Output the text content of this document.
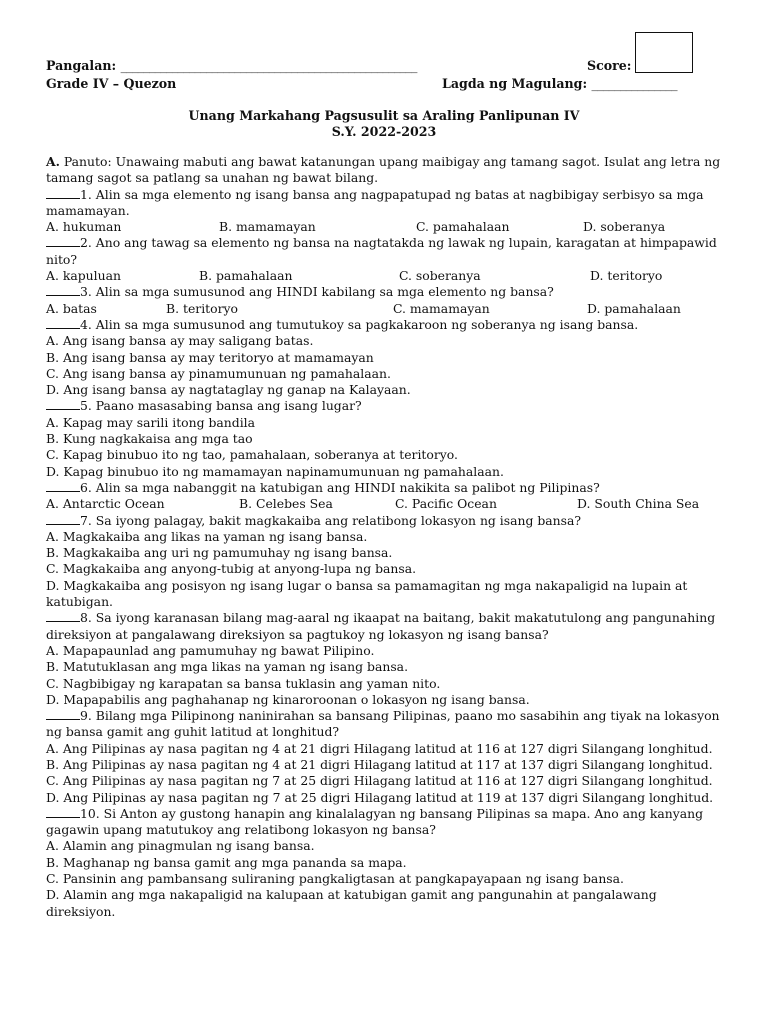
Pangalan: ____________________________________________________	Score:
Grade IV – Quezon	Lagda ng Magulang: _______________
Unang Markahang Pagsusulit sa Araling Panlipunan IV
S.Y. 2022-2023
A. Panuto: Unawaing mabuti ang bawat katanungan upang maibigay ang tamang sagot. Isulat ang letra ng tamang sagot sa patlang sa unahan ng bawat bilang.
1. Alin sa mga elemento ng isang bansa ang nagpapatupad ng batas at nagbibigay serbisyo sa mga mamamayan.
A. hukuman	B. mamamayan	C. pamahalaan	D. soberanya
2. Ano ang tawag sa elemento ng bansa na nagtatakda ng lawak ng lupain, karagatan at himpapawid nito?
A. kapuluan	B. pamahalaan	C. soberanya	D. teritoryo
3. Alin sa mga sumusunod ang HINDI kabilang sa mga elemento ng bansa?
A. batas	B. teritoryo	C. mamamayan	D. pamahalaan
4. Alin sa mga sumusunod ang tumutukoy sa pagkakaroon ng soberanya ng isang bansa.
A. Ang isang bansa ay may saligang batas.
B. Ang isang bansa ay may teritoryo at mamamayan
C. Ang isang bansa ay pinamumunuan ng pamahalaan.
D. Ang isang bansa ay nagtataglay ng ganap na Kalayaan.
5. Paano masasabing bansa ang isang lugar?
A. Kapag may sarili itong bandila
B. Kung nagkakaisa ang mga tao
C. Kapag binubuo ito ng tao, pamahalaan, soberanya at teritoryo.
D. Kapag binubuo ito ng mamamayan napinamumunuan ng pamahalaan.
6. Alin sa mga nabanggit na katubigan ang HINDI nakikita sa palibot ng Pilipinas?
A. Antarctic Ocean	B. Celebes Sea	C. Pacific Ocean	D. South China Sea
7. Sa iyong palagay, bakit magkakaiba ang relatibong lokasyon ng isang bansa?
A. Magkakaiba ang likas na yaman ng isang bansa.
B. Magkakaiba ang uri ng pamumuhay ng isang bansa.
C. Magkakaiba ang anyong-tubig at anyong-lupa ng bansa.
D. Magkakaiba ang posisyon ng isang lugar o bansa sa pamamagitan ng mga nakapaligid na lupain at katubigan.
8. Sa iyong karanasan bilang mag-aaral ng ikaapat na baitang, bakit makatutulong ang pangunahing direksiyon at pangalawang direksiyon sa pagtukoy ng lokasyon ng isang bansa?
A. Mapapaunlad ang pamumuhay ng bawat Pilipino.
B. Matutuklasan ang mga likas na yaman ng isang bansa.
C. Nagbibigay ng karapatan sa bansa tuklasin ang yaman nito.
D. Mapapabilis ang paghahanap ng kinaroroonan o lokasyon ng isang bansa.
9. Bilang mga Pilipinong naninirahan sa bansang Pilipinas, paano mo sasabihin ang tiyak na lokasyon ng bansa gamit ang guhit latitud at longhitud?
A. Ang Pilipinas ay nasa pagitan ng 4 at 21 digri Hilagang latitud at 116 at 127 digri Silangang longhitud.
B. Ang Pilipinas ay nasa pagitan ng 4 at 21 digri Hilagang latitud at 117 at 137 digri Silangang longhitud.
C. Ang Pilipinas ay nasa pagitan ng 7 at 25 digri Hilagang latitud at 116 at 127 digri Silangang longhitud.
D. Ang Pilipinas ay nasa pagitan ng 7 at 25 digri Hilagang latitud at 119 at 137 digri Silangang longhitud.
10. Si Anton ay gustong hanapin ang kinalalagyan ng bansang Pilipinas sa mapa. Ano ang kanyang gagawin upang matutukoy ang relatibong lokasyon ng bansa?
A. Alamin ang pinagmulan ng isang bansa.
B. Maghanap ng bansa gamit ang mga pananda sa mapa.
C. Pansinin ang pambansang suliraning pangkaligtasan at pangkapayapaan ng isang bansa.
D. Alamin ang mga nakapaligid na kalupaan at katubigan gamit ang pangunahin at pangalawang direksiyon.
